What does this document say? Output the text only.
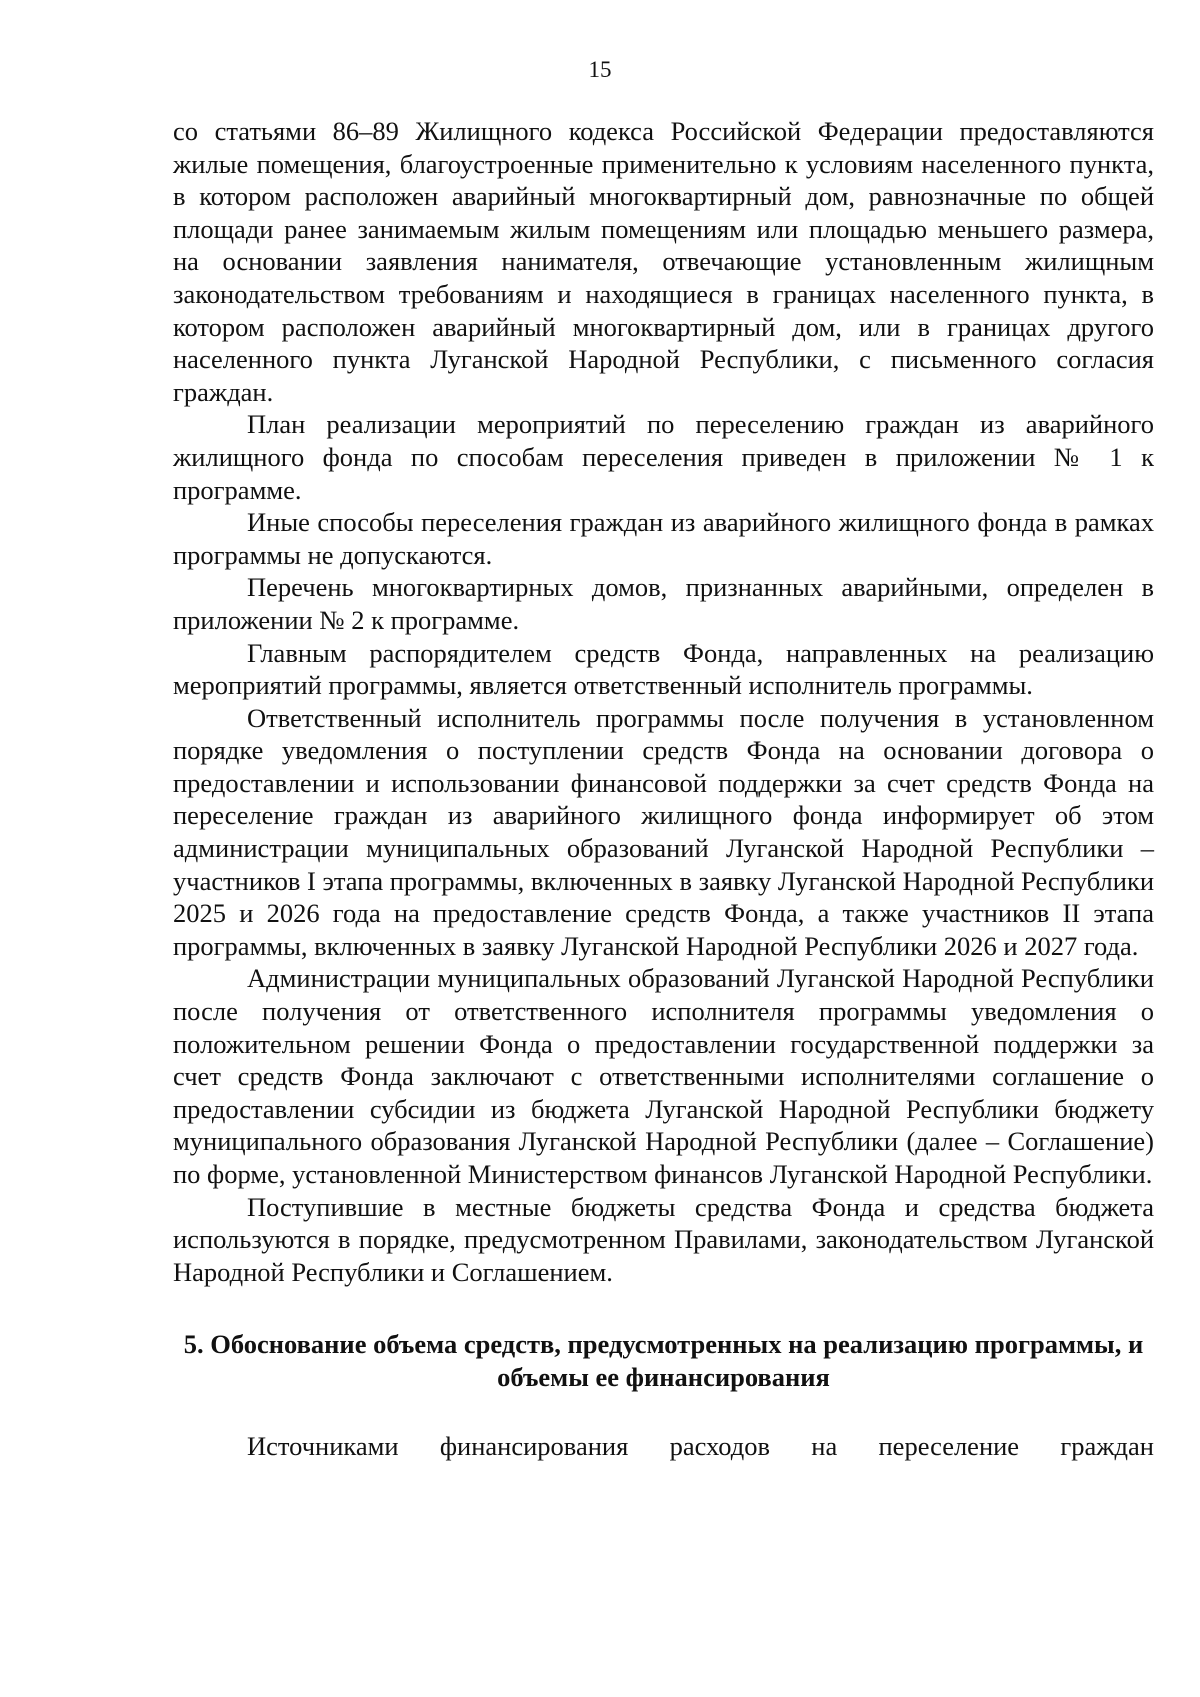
15

со статьями 86–89 Жилищного кодекса Российской Федерации предоставляются жилые помещения, благоустроенные применительно к условиям населенного пункта, в котором расположен аварийный многоквартирный дом, равнозначные по общей площади ранее занимаемым жилым помещениям или площадью меньшего размера, на основании заявления нанимателя, отвечающие установленным жилищным законодательством требованиям и находящиеся в границах населенного пункта, в котором расположен аварийный многоквартирный дом, или в границах другого населенного пункта Луганской Народной Республики, с письменного согласия граждан.

План реализации мероприятий по переселению граждан из аварийного жилищного фонда по способам переселения приведен в приложении № 1 к программе.

Иные способы переселения граждан из аварийного жилищного фонда в рамках программы не допускаются.

Перечень многоквартирных домов, признанных аварийными, определен в приложении № 2 к программе.

Главным распорядителем средств Фонда, направленных на реализацию мероприятий программы, является ответственный исполнитель программы.

Ответственный исполнитель программы после получения в установленном порядке уведомления о поступлении средств Фонда на основании договора о предоставлении и использовании финансовой поддержки за счет средств Фонда на переселение граждан из аварийного жилищного фонда информирует об этом администрации муниципальных образований Луганской Народной Республики – участников I этапа программы, включенных в заявку Луганской Народной Республики 2025 и 2026 года на предоставление средств Фонда, а также участников II этапа программы, включенных в заявку Луганской Народной Республики 2026 и 2027 года.

Администрации муниципальных образований Луганской Народной Республики после получения от ответственного исполнителя программы уведомления о положительном решении Фонда о предоставлении государственной поддержки за счет средств Фонда заключают с ответственными исполнителями соглашение о предоставлении субсидии из бюджета Луганской Народной Республики бюджету муниципального образования Луганской Народной Республики (далее – Соглашение) по форме, установленной Министерством финансов Луганской Народной Республики.

Поступившие в местные бюджеты средства Фонда и средства бюджета используются в порядке, предусмотренном Правилами, законодательством Луганской Народной Республики и Соглашением.

5. Обоснование объема средств, предусмотренных на реализацию программы, и объемы ее финансирования

Источниками финансирования расходов на переселение граждан
